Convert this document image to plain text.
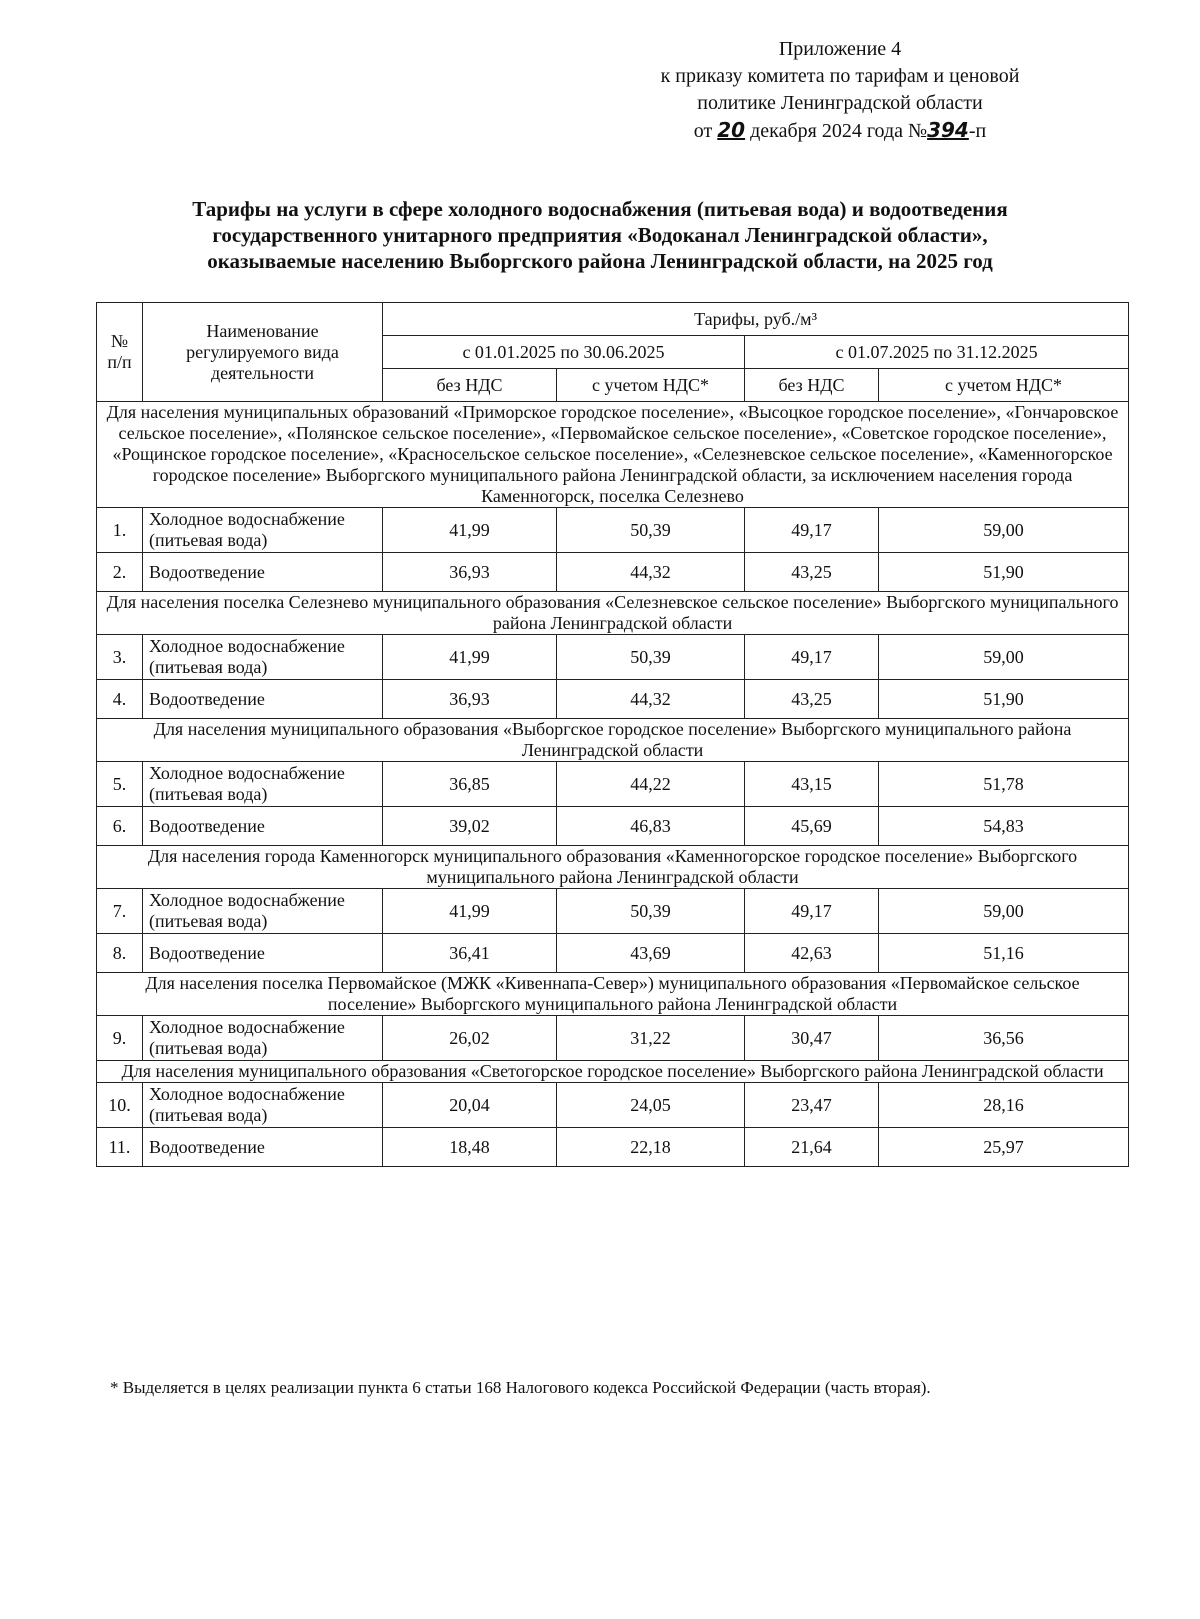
Приложение 4
к приказу комитета по тарифам и ценовой
политике Ленинградской области
от 20 декабря 2024 года №394-п
Тарифы на услуги в сфере холодного водоснабжения (питьевая вода) и водоотведения
государственного унитарного предприятия «Водоканал Ленинградской области»,
оказываемые населению Выборгского района Ленинградской области, на 2025 год
№ п/п	Наименование регулируемого вида деятельности	Тарифы, руб./м³			
		с 01.01.2025 по 30.06.2025		с 01.07.2025 по 31.12.2025	
		без НДС	с учетом НДС*	без НДС	с учетом НДС*
Для населения муниципальных образований «Приморское городское поселение», «Высоцкое городское поселение», «Гончаровское сельское поселение», «Полянское сельское поселение», «Первомайское сельское поселение», «Советское городское поселение», «Рощинское городское поселение», «Красносельское сельское поселение», «Селезневское сельское поселение», «Каменногорское городское поселение» Выборгского муниципального района Ленинградской области, за исключением населения города Каменногорск, поселка Селезнево					
1.	Холодное водоснабжение (питьевая вода)	41,99	50,39	49,17	59,00
2.	Водоотведение	36,93	44,32	43,25	51,90
Для населения поселка Селезнево муниципального образования «Селезневское сельское поселение» Выборгского муниципального района Ленинградской области					
3.	Холодное водоснабжение (питьевая вода)	41,99	50,39	49,17	59,00
4.	Водоотведение	36,93	44,32	43,25	51,90
Для населения муниципального образования «Выборгское городское поселение» Выборгского муниципального района Ленинградской области					
5.	Холодное водоснабжение (питьевая вода)	36,85	44,22	43,15	51,78
6.	Водоотведение	39,02	46,83	45,69	54,83
Для населения города Каменногорск муниципального образования «Каменногорское городское поселение» Выборгского муниципального района Ленинградской области					
7.	Холодное водоснабжение (питьевая вода)	41,99	50,39	49,17	59,00
8.	Водоотведение	36,41	43,69	42,63	51,16
Для населения поселка Первомайское (МЖК «Кивеннапа-Север») муниципального образования «Первомайское сельское поселение» Выборгского муниципального района Ленинградской области					
9.	Холодное водоснабжение (питьевая вода)	26,02	31,22	30,47	36,56
Для населения муниципального образования «Светогорское городское поселение» Выборгского района Ленинградской области					
10.	Холодное водоснабжение (питьевая вода)	20,04	24,05	23,47	28,16
11.	Водоотведение	18,48	22,18	21,64	25,97
* Выделяется в целях реализации пункта 6 статьи 168 Налогового кодекса Российской Федерации (часть вторая).
